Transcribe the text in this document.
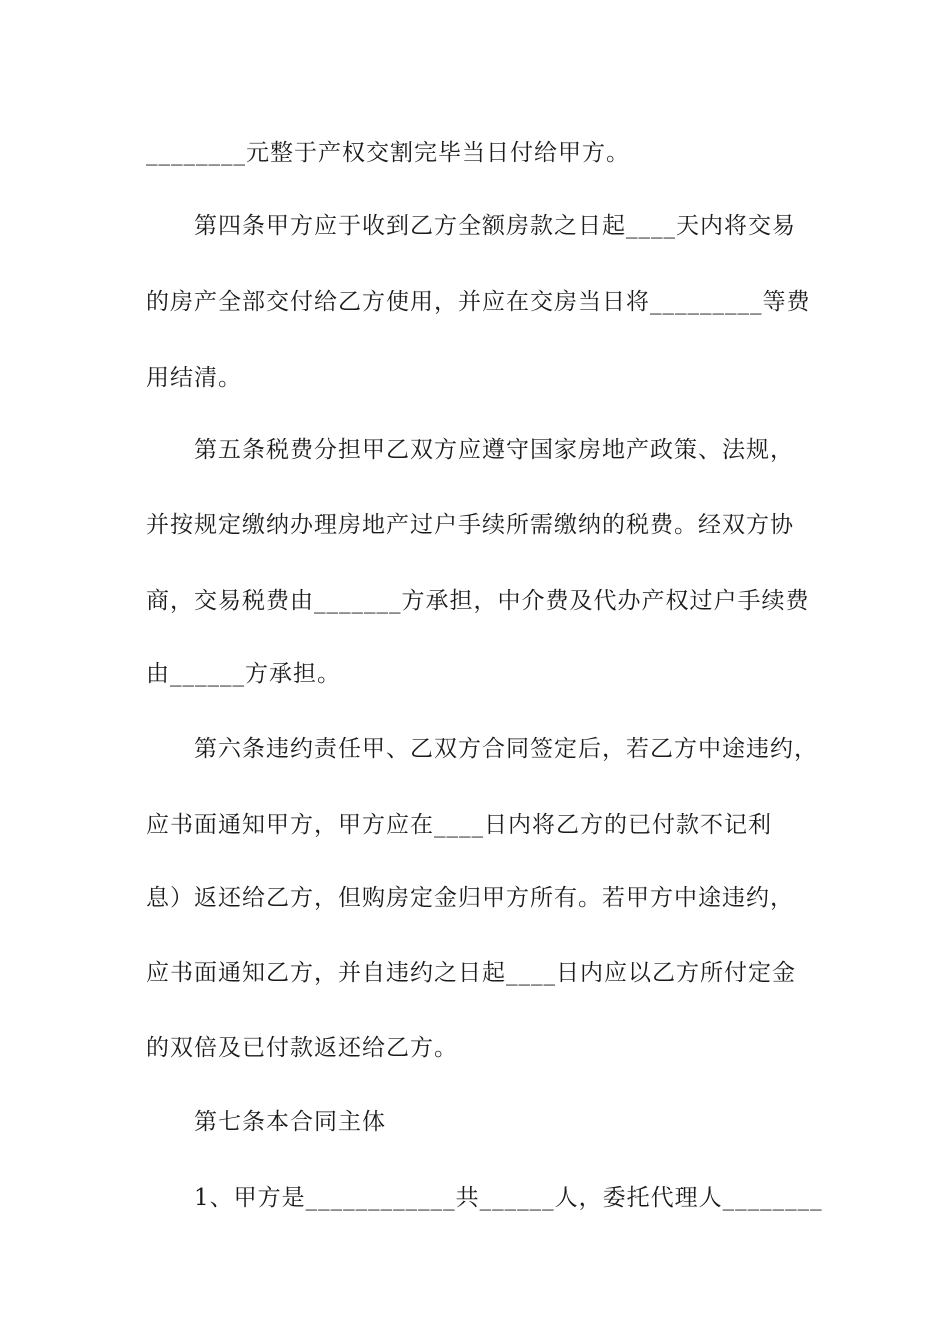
________元整于产权交割完毕当日付给甲方。
第四条甲方应于收到乙方全额房款之日起____天内将交易
的房产全部交付给乙方使用，并应在交房当日将_________等费
用结清。
第五条税费分担甲乙双方应遵守国家房地产政策、法规，
并按规定缴纳办理房地产过户手续所需缴纳的税费。经双方协
商，交易税费由_______方承担，中介费及代办产权过户手续费
由______方承担。
第六条违约责任甲、乙双方合同签定后，若乙方中途违约，
应书面通知甲方，甲方应在____日内将乙方的已付款不记利
息）返还给乙方，但购房定金归甲方所有。若甲方中途违约，
应书面通知乙方，并自违约之日起____日内应以乙方所付定金
的双倍及已付款返还给乙方。
第七条本合同主体
1、甲方是____________共______人，委托代理人________
